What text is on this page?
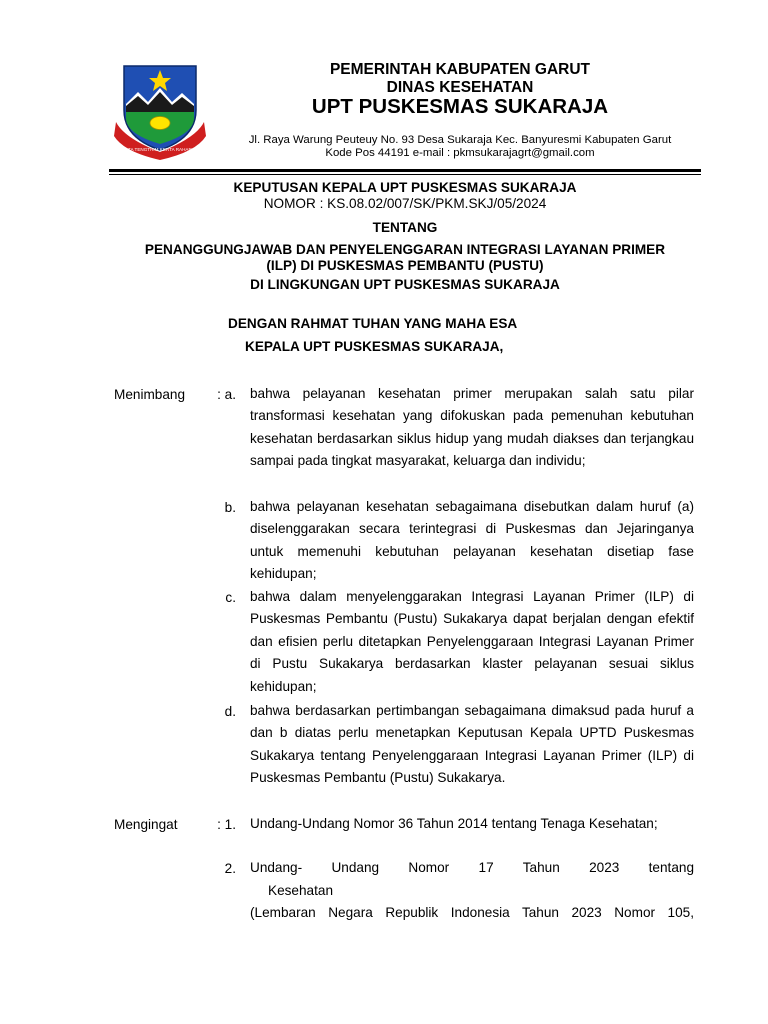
TATA TENGTRIM KERTA RAHARJA
PEMERINTAH KABUPATEN GARUT
DINAS KESEHATAN
UPT PUSKESMAS SUKARAJA
Jl. Raya Warung Peuteuy No. 93 Desa Sukaraja Kec. Banyuresmi Kabupaten Garut
Kode Pos 44191 e-mail : pkmsukarajagrt@gmail.com
KEPUTUSAN KEPALA UPT PUSKESMAS SUKARAJA
NOMOR : KS.08.02/007/SK/PKM.SKJ/05/2024
TENTANG
PENANGGUNGJAWAB DAN PENYELENGGARAN INTEGRASI LAYANAN PRIMER
(ILP) DI PUSKESMAS PEMBANTU (PUSTU)
DI LINGKUNGAN UPT PUSKESMAS SUKARAJA
DENGAN RAHMAT TUHAN YANG MAHA ESA
KEPALA UPT PUSKESMAS SUKARAJA,
Menimbang : a. bahwa pelayanan kesehatan primer merupakan salah satu pilar transformasi kesehatan yang difokuskan pada pemenuhan kebutuhan kesehatan berdasarkan siklus hidup yang mudah diakses dan terjangkau sampai pada tingkat masyarakat, keluarga dan individu;
b. bahwa pelayanan kesehatan sebagaimana disebutkan dalam huruf (a) diselenggarakan secara terintegrasi di Puskesmas dan Jejaringanya untuk memenuhi kebutuhan pelayanan kesehatan disetiap fase kehidupan;
c. bahwa dalam menyelenggarakan Integrasi Layanan Primer (ILP) di Puskesmas Pembantu (Pustu) Sukakarya dapat berjalan dengan efektif dan efisien perlu ditetapkan Penyelenggaraan Integrasi Layanan Primer di Pustu Sukakarya berdasarkan klaster pelayanan sesuai siklus kehidupan;
d. bahwa berdasarkan pertimbangan sebagaimana dimaksud pada huruf a dan b diatas perlu menetapkan Keputusan Kepala UPTD Puskesmas Sukakarya tentang Penyelenggaraan Integrasi Layanan Primer (ILP) di Puskesmas Pembantu (Pustu) Sukakarya.
Mengingat	: 1. Undang-Undang Nomor 36 Tahun 2014 tentang Tenaga Kesehatan;
2. Undang- Undang Nomor 17 Tahun 2023 tentang
Kesehatan
(Lembaran Negara Republik Indonesia Tahun 2023 Nomor 105,
